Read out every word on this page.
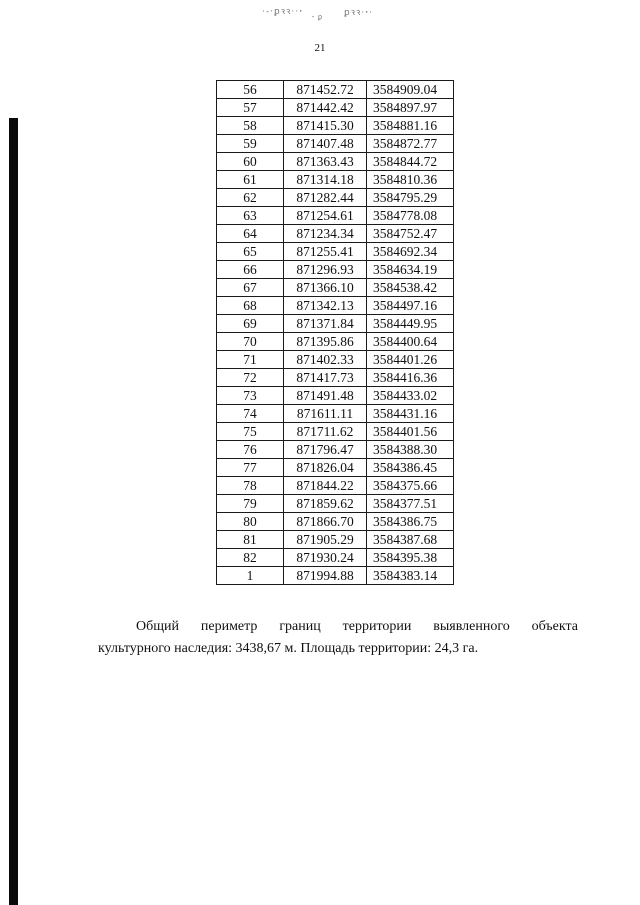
·-·ꝑꝛꝛ··ꞏ	ꝑꝛꝛ·ꞏ·
ꞏ ꝑ
21
56	871452.72	3584909.04
57	871442.42	3584897.97
58	871415.30	3584881.16
59	871407.48	3584872.77
60	871363.43	3584844.72
61	871314.18	3584810.36
62	871282.44	3584795.29
63	871254.61	3584778.08
64	871234.34	3584752.47
65	871255.41	3584692.34
66	871296.93	3584634.19
67	871366.10	3584538.42
68	871342.13	3584497.16
69	871371.84	3584449.95
70	871395.86	3584400.64
71	871402.33	3584401.26
72	871417.73	3584416.36
73	871491.48	3584433.02
74	871611.11	3584431.16
75	871711.62	3584401.56
76	871796.47	3584388.30
77	871826.04	3584386.45
78	871844.22	3584375.66
79	871859.62	3584377.51
80	871866.70	3584386.75
81	871905.29	3584387.68
82	871930.24	3584395.38
1	871994.88	3584383.14
Общий периметр границ территории выявленного объекта
культурного наследия: 3438,67 м. Площадь территории: 24,3 га.
